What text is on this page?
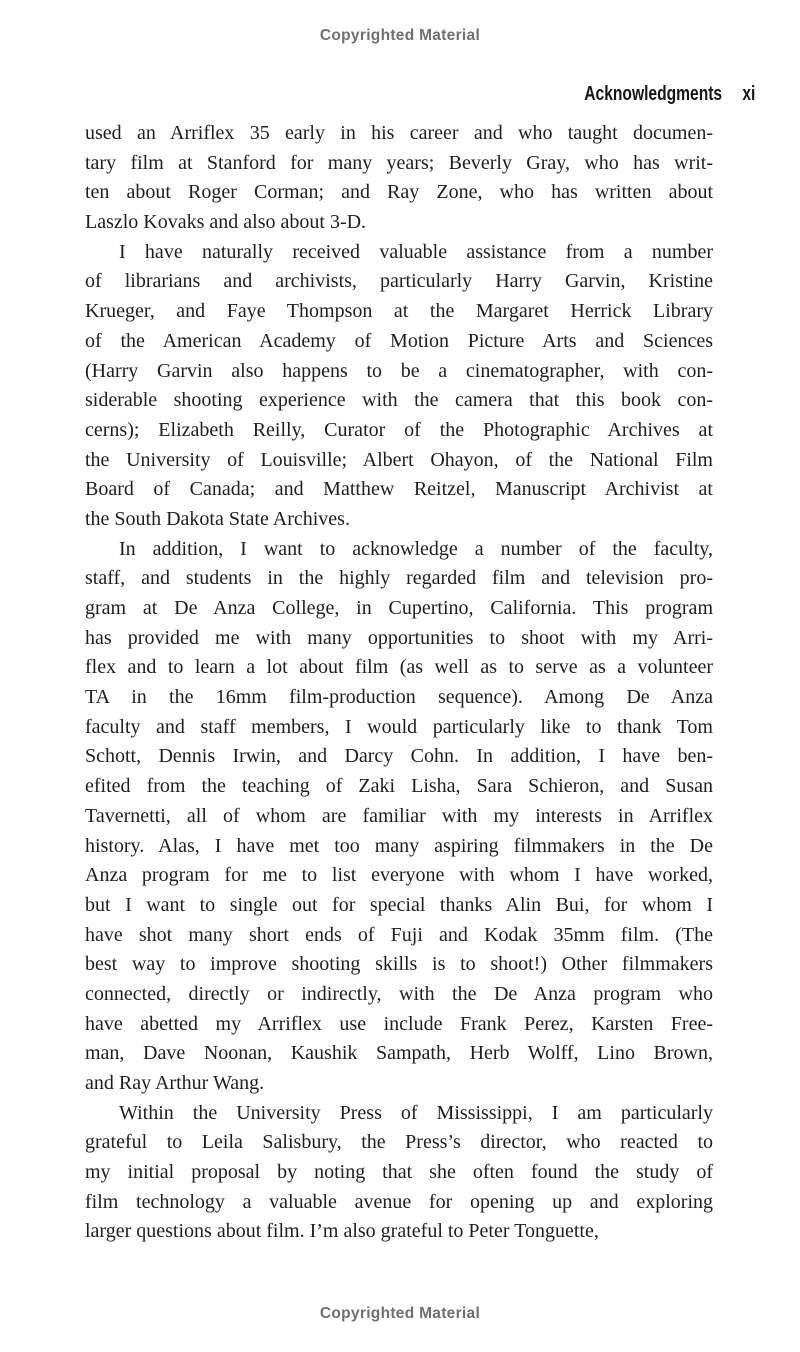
Copyrighted Material
Acknowledgments xi
used an Arriflex 35 early in his career and who taught documen-
tary film at Stanford for many years; Beverly Gray, who has writ-
ten about Roger Corman; and Ray Zone, who has written about
Laszlo Kovaks and also about 3-D.
I have naturally received valuable assistance from a number
of librarians and archivists, particularly Harry Garvin, Kristine
Krueger, and Faye Thompson at the Margaret Herrick Library
of the American Academy of Motion Picture Arts and Sciences
(Harry Garvin also happens to be a cinematographer, with con-
siderable shooting experience with the camera that this book con-
cerns); Elizabeth Reilly, Curator of the Photographic Archives at
the University of Louisville; Albert Ohayon, of the National Film
Board of Canada; and Matthew Reitzel, Manuscript Archivist at
the South Dakota State Archives.
In addition, I want to acknowledge a number of the faculty,
staff, and students in the highly regarded film and television pro-
gram at De Anza College, in Cupertino, California. This program
has provided me with many opportunities to shoot with my Arri-
flex and to learn a lot about film (as well as to serve as a volunteer
TA in the 16mm film-production sequence). Among De Anza
faculty and staff members, I would particularly like to thank Tom
Schott, Dennis Irwin, and Darcy Cohn. In addition, I have ben-
efited from the teaching of Zaki Lisha, Sara Schieron, and Susan
Tavernetti, all of whom are familiar with my interests in Arriflex
history. Alas, I have met too many aspiring filmmakers in the De
Anza program for me to list everyone with whom I have worked,
but I want to single out for special thanks Alin Bui, for whom I
have shot many short ends of Fuji and Kodak 35mm film. (The
best way to improve shooting skills is to shoot!) Other filmmakers
connected, directly or indirectly, with the De Anza program who
have abetted my Arriflex use include Frank Perez, Karsten Free-
man, Dave Noonan, Kaushik Sampath, Herb Wolff, Lino Brown,
and Ray Arthur Wang.
Within the University Press of Mississippi, I am particularly
grateful to Leila Salisbury, the Press’s director, who reacted to
my initial proposal by noting that she often found the study of
film technology a valuable avenue for opening up and exploring
larger questions about film. I’m also grateful to Peter Tonguette,
Copyrighted Material
